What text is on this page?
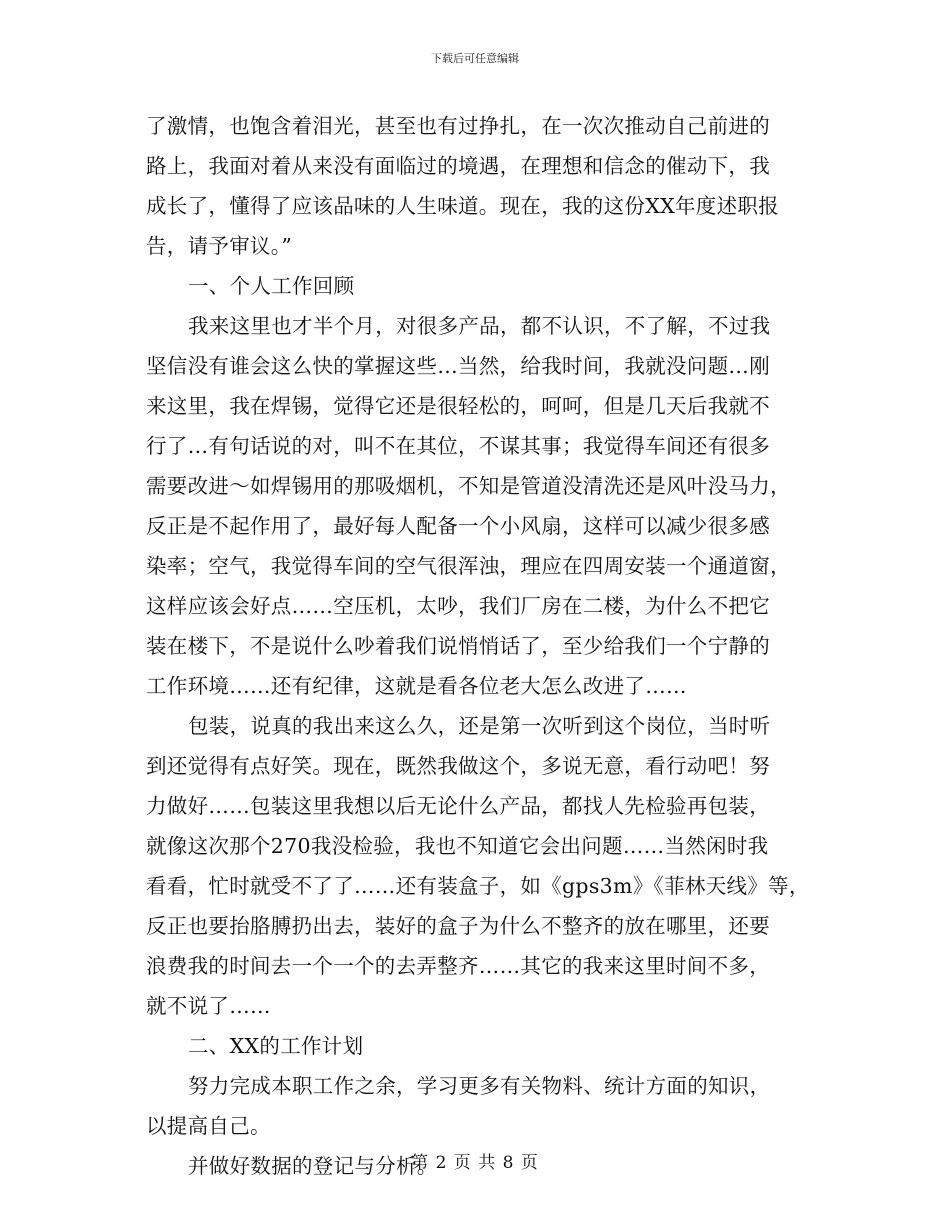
下载后可任意编辑
了激情，也饱含着泪光，甚至也有过挣扎，在一次次推动自己前进的
路上，我面对着从来没有面临过的境遇，在理想和信念的催动下，我
成长了，懂得了应该品味的人生味道。现在，我的这份XX年度述职报
告，请予审议。”
一、个人工作回顾
我来这里也才半个月，对很多产品，都不认识，不了解，不过我
坚信没有谁会这么快的掌握这些…当然，给我时间，我就没问题…刚
来这里，我在焊锡，觉得它还是很轻松的，呵呵，但是几天后我就不
行了…有句话说的对，叫不在其位，不谋其事；我觉得车间还有很多
需要改进～如焊锡用的那吸烟机，不知是管道没清洗还是风叶没马力，
反正是不起作用了，最好每人配备一个小风扇，这样可以减少很多感
染率；空气，我觉得车间的空气很浑浊，理应在四周安装一个通道窗，
这样应该会好点……空压机，太吵，我们厂房在二楼，为什么不把它
装在楼下，不是说什么吵着我们说悄悄话了，至少给我们一个宁静的
工作环境……还有纪律，这就是看各位老大怎么改进了……
包装，说真的我出来这么久，还是第一次听到这个岗位，当时听
到还觉得有点好笑。现在，既然我做这个，多说无意，看行动吧！努
力做好……包装这里我想以后无论什么产品，都找人先检验再包装，
就像这次那个270我没检验，我也不知道它会出问题……当然闲时我
看看，忙时就受不了了……还有装盒子，如《gps3m》《菲林天线》等，
反正也要抬胳膊扔出去，装好的盒子为什么不整齐的放在哪里，还要
浪费我的时间去一个一个的去弄整齐……其它的我来这里时间不多，
就不说了……
二、XX的工作计划
努力完成本职工作之余，学习更多有关物料、统计方面的知识，
以提高自己。
并做好数据的登记与分析。
第 2 页 共 8 页
